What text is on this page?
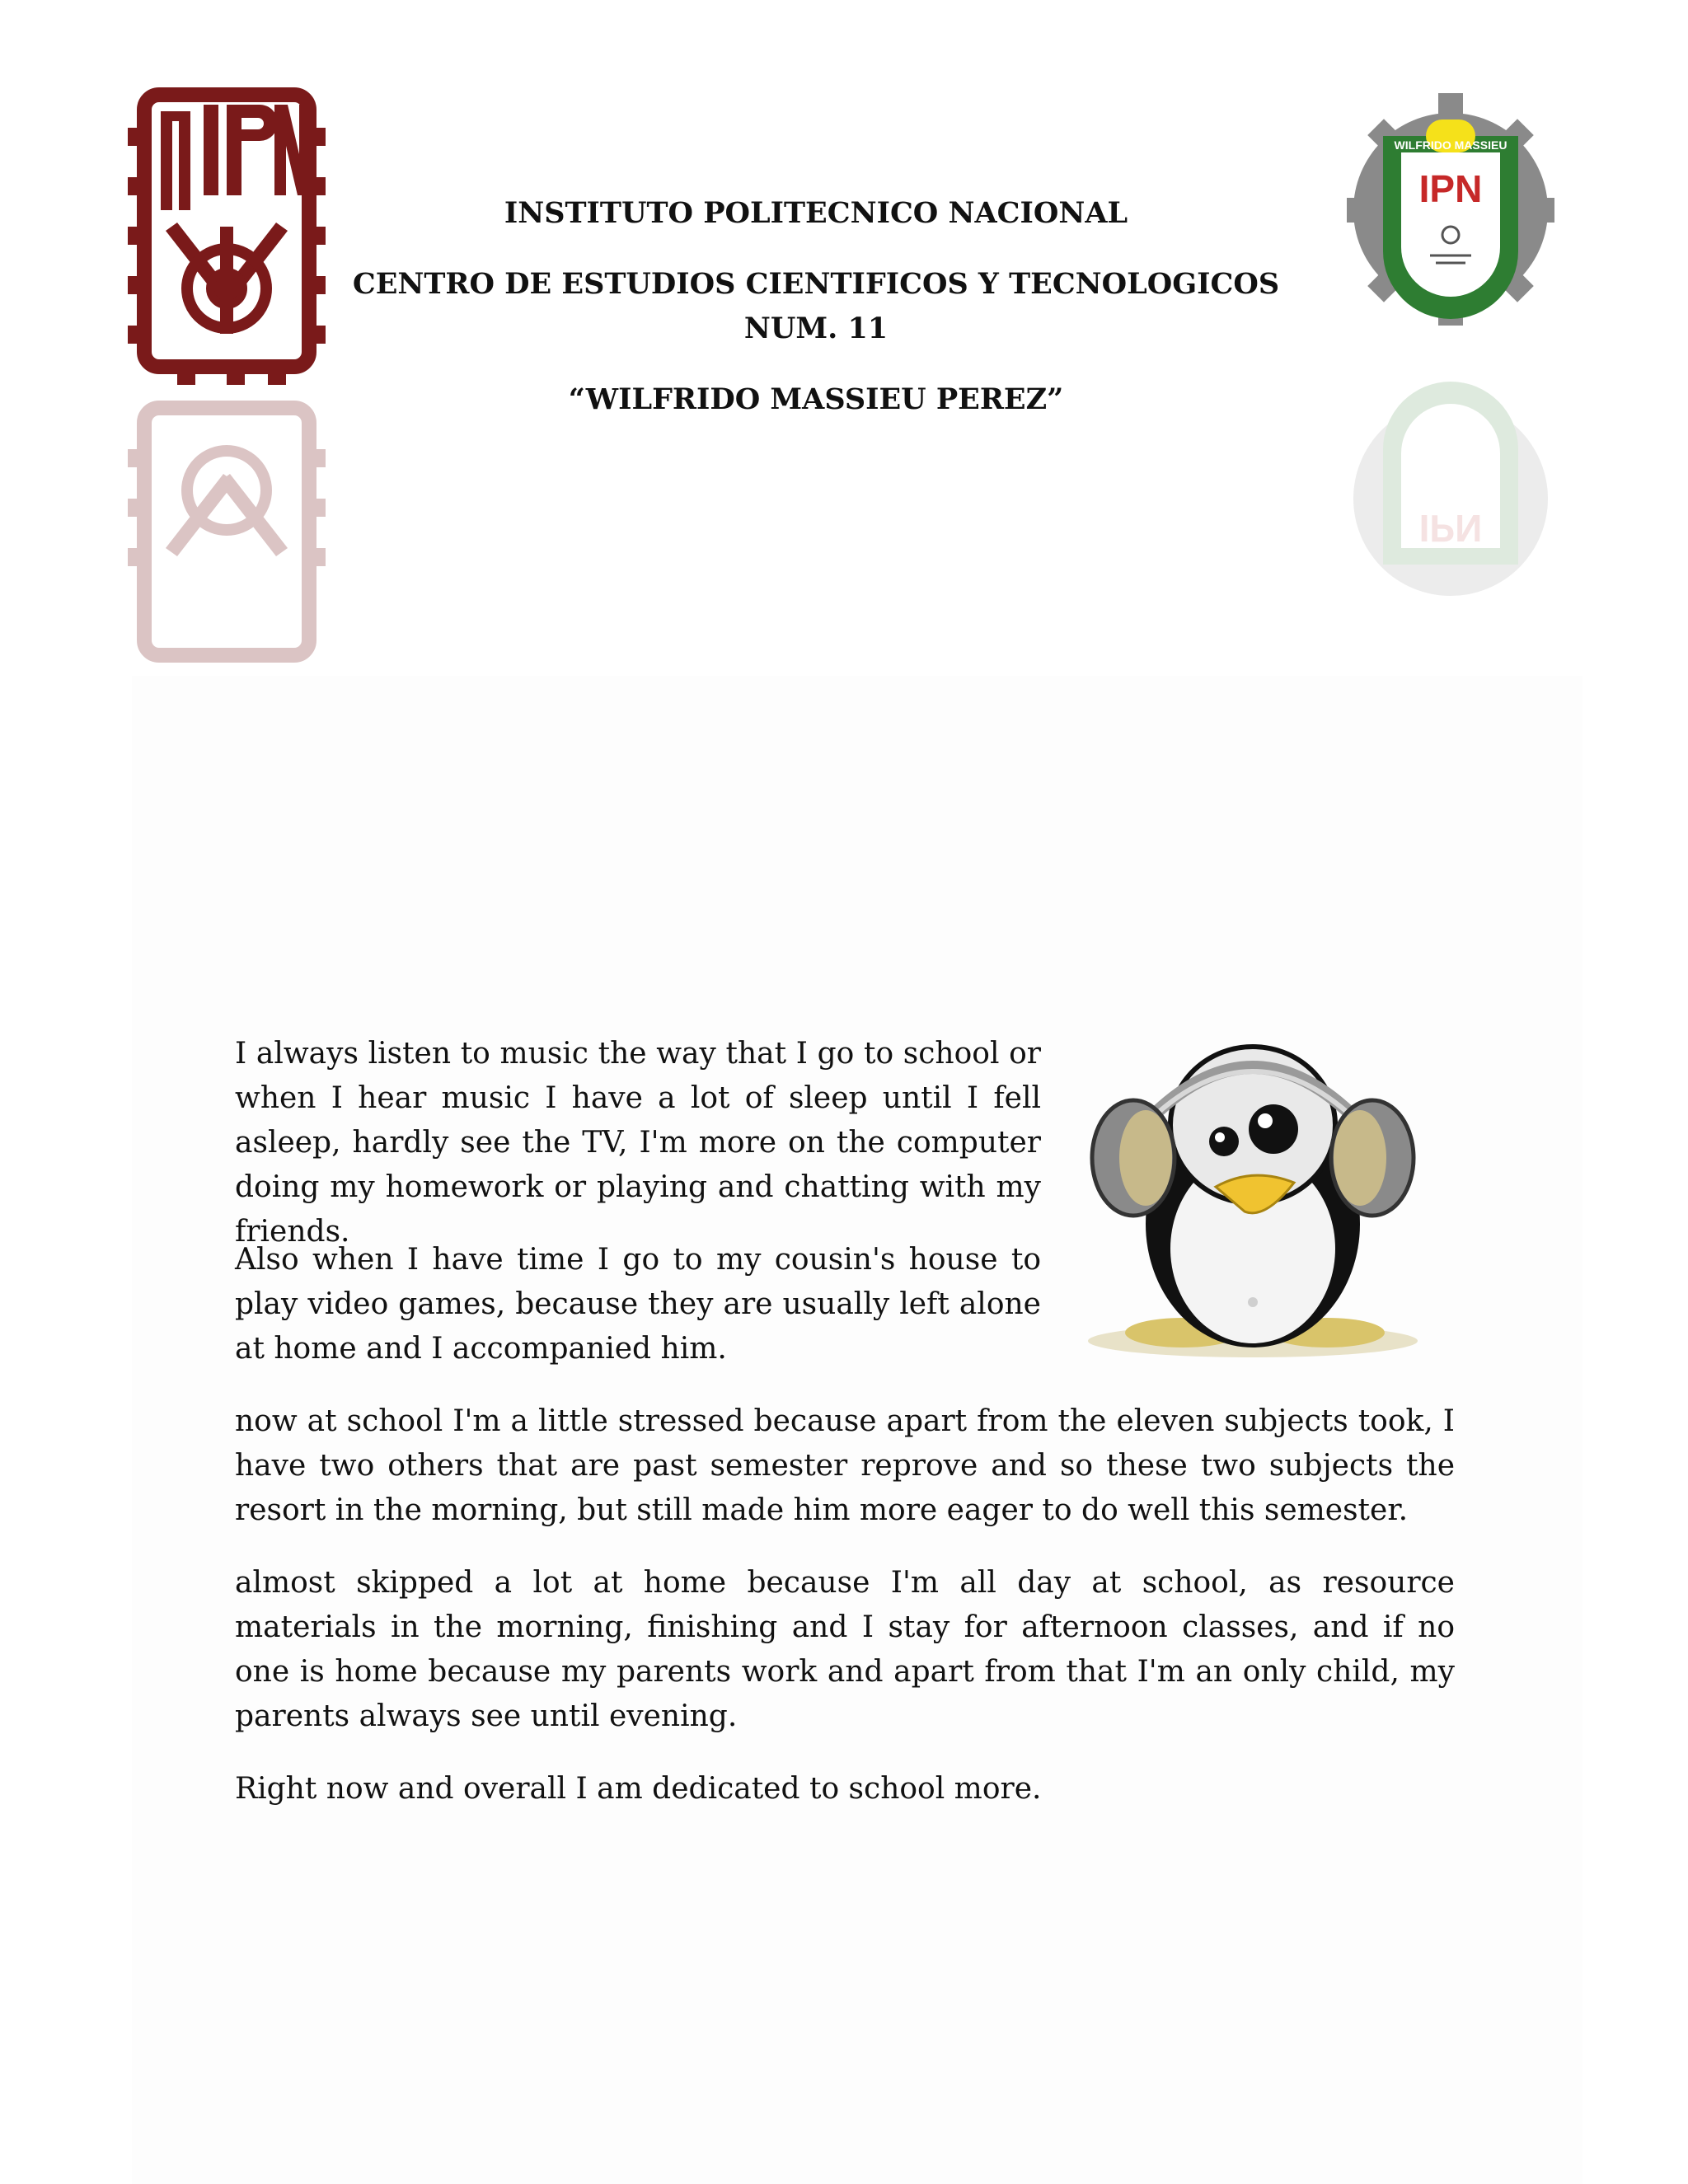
WILFRIDO MASSIEU
IPN
IPN
INSTITUTO POLITECNICO NACIONAL
CENTRO DE ESTUDIOS CIENTIFICOS Y TECNOLOGICOS NUM. 11
“WILFRIDO MASSIEU PEREZ”
I always listen to music the way that I go to school or when I hear music I have a lot of sleep until I fell asleep, hardly see the TV, I'm more on the computer doing my homework or playing and chatting with my friends.
Also when I have time I go to my cousin's house to play video games, because they are usually left alone at home and I accompanied him.
now at school I'm a little stressed because apart from the eleven subjects took, I have two others that are past semester reprove and so these two subjects the resort in the morning, but still made him more eager to do well this semester.
almost skipped a lot at home because I'm all day at school, as resource materials in the morning, finishing and I stay for afternoon classes, and if no one is home because my parents work and apart from that I'm an only child, my parents always see until evening.
Right now and overall I am dedicated to school more.
